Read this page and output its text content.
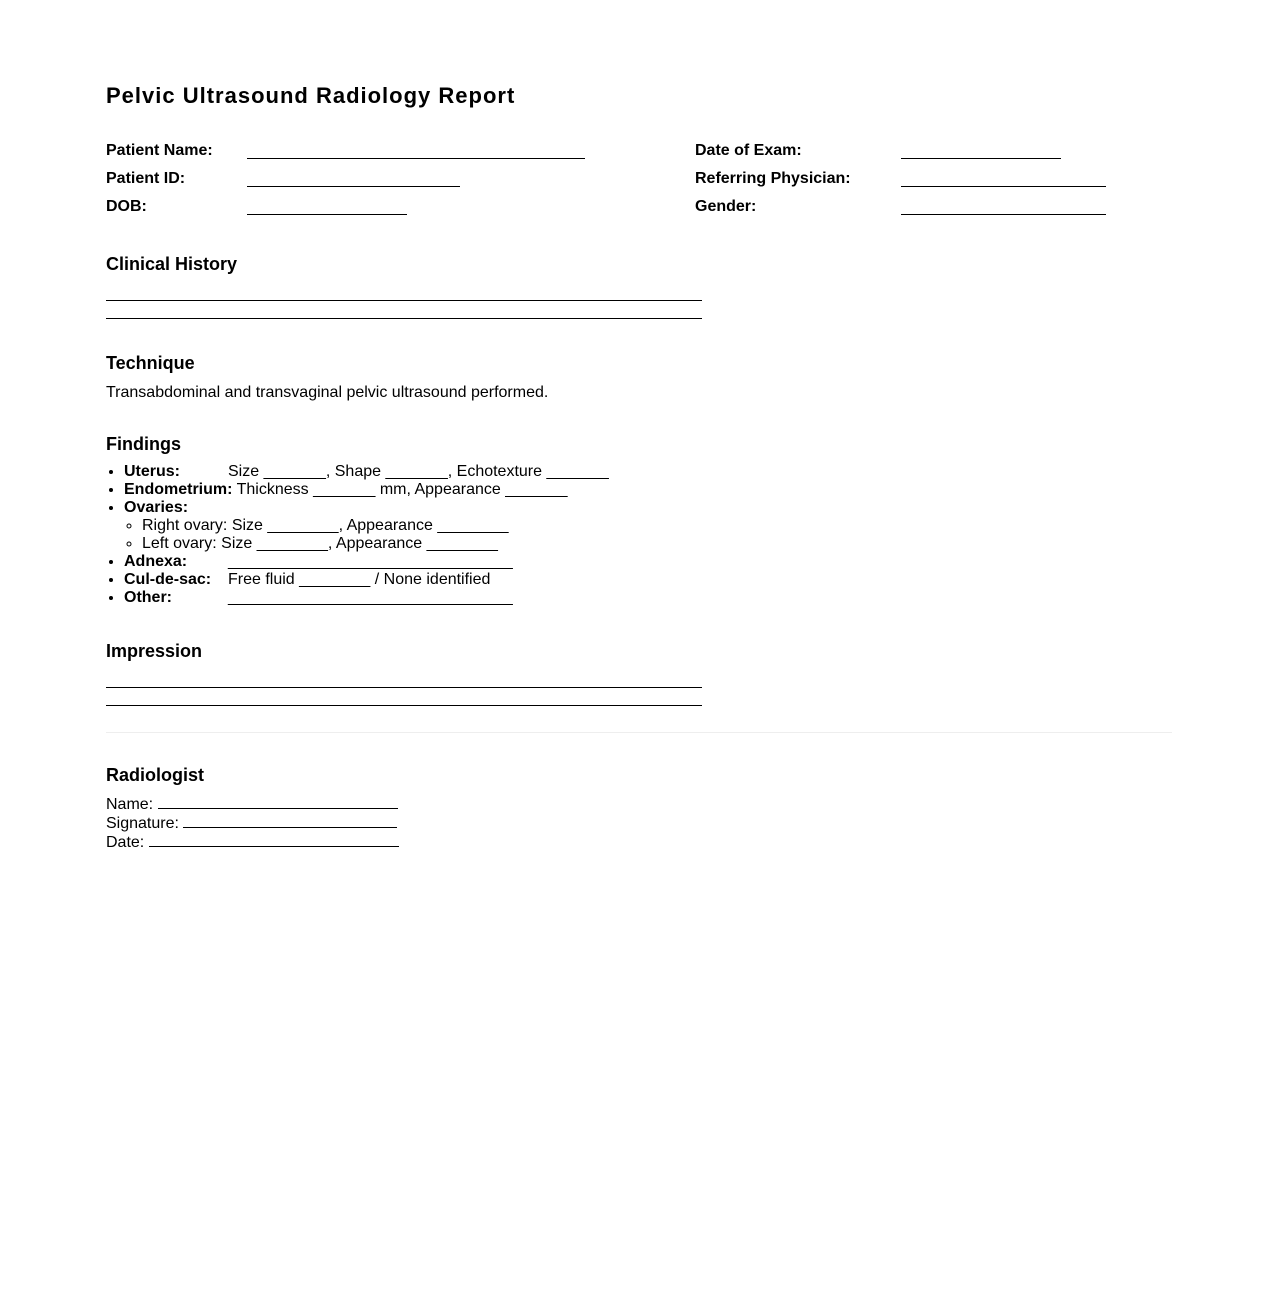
Pelvic Ultrasound Radiology Report
Patient Name:
Patient ID:
DOB:
Date of Exam:
Referring Physician:
Gender:
Clinical History
Technique
Transabdominal and transvaginal pelvic ultrasound performed.
Findings
• Uterus:	Size _______, Shape _______, Echotexture _______
• Endometrium: Thickness _______ mm, Appearance _______
• Ovaries:
◦ Right ovary: Size ________, Appearance ________
◦ Left ovary: Size ________, Appearance ________
• Adnexa:	________________________________
• Cul-de-sac: Free fluid ________ / None identified
• Other:	________________________________
Impression
Radiologist
Name:
Signature:
Date:
